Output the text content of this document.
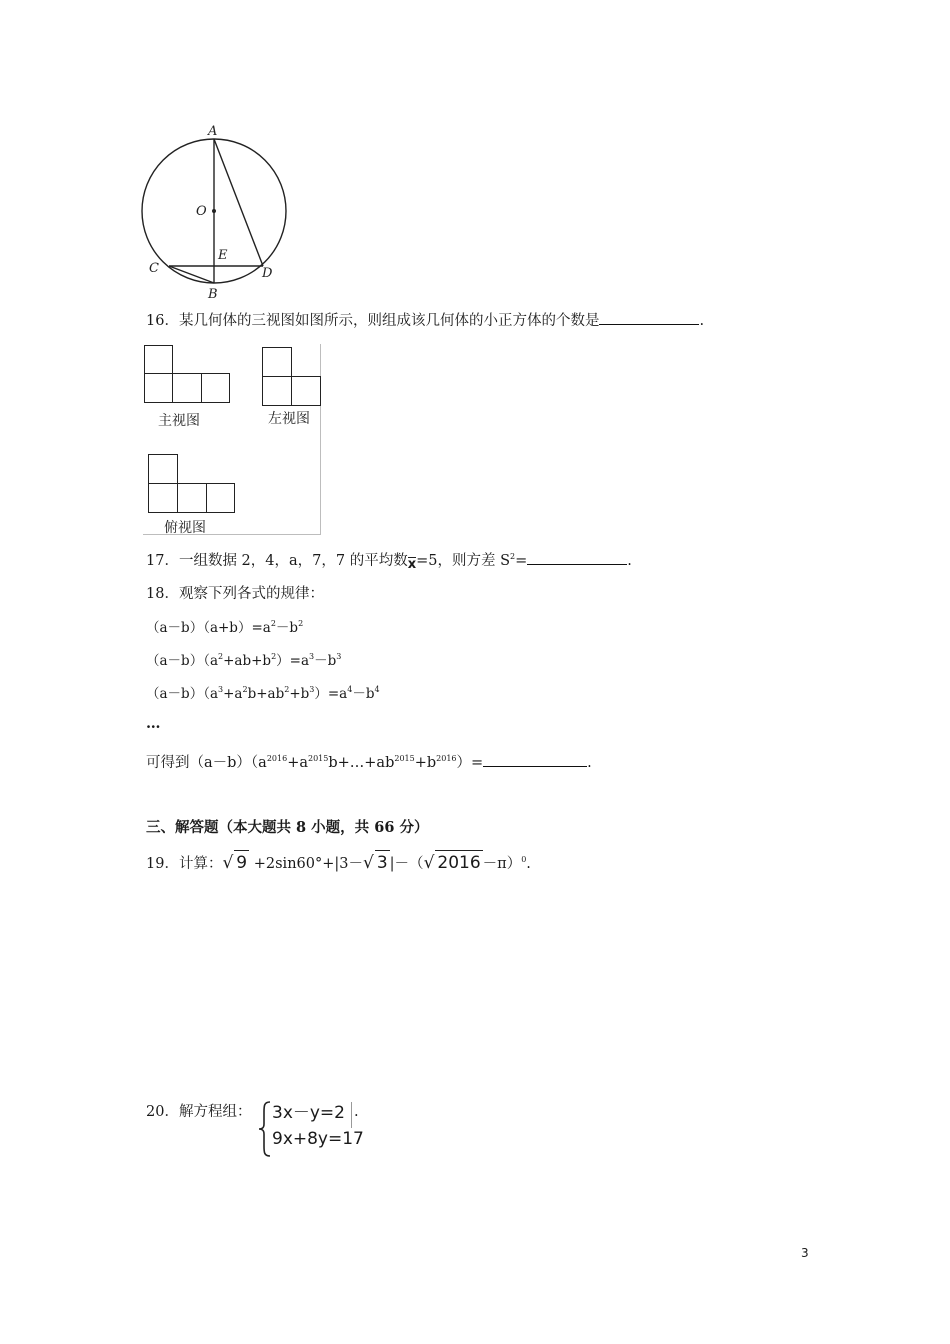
A
O
E
C	D
B
16．某几何体的三视图如图所示，则组成该几何体的小正方体的个数是	.
主视图	左视图
俯视图
17．一组数据 2，4，a，7，7 的平均数x=5，则方差 $S^2=$	.
18．观察下列各式的规律：
$(a-b)(a+b)=a^2-b^2$
$(a-b)(a^2+ab+b^2)=a^3-b^3$
$(a-b)(a^3+a^2b+ab^2+b^3)=a^4-b^4$
…
可得到$(a-b)(a^{2016}+a^{2015}b+\dots+ab^{2015}+b^{2016})=$	.
三、解答题（本大题共 8 小题，共 66 分）
19．计算：√ 9 +2sin60°+|3－√ 3 |－（√ 2016 －π）$^0$.
20．解方程组： 3x－y=2
9x+8y=17
.
3
